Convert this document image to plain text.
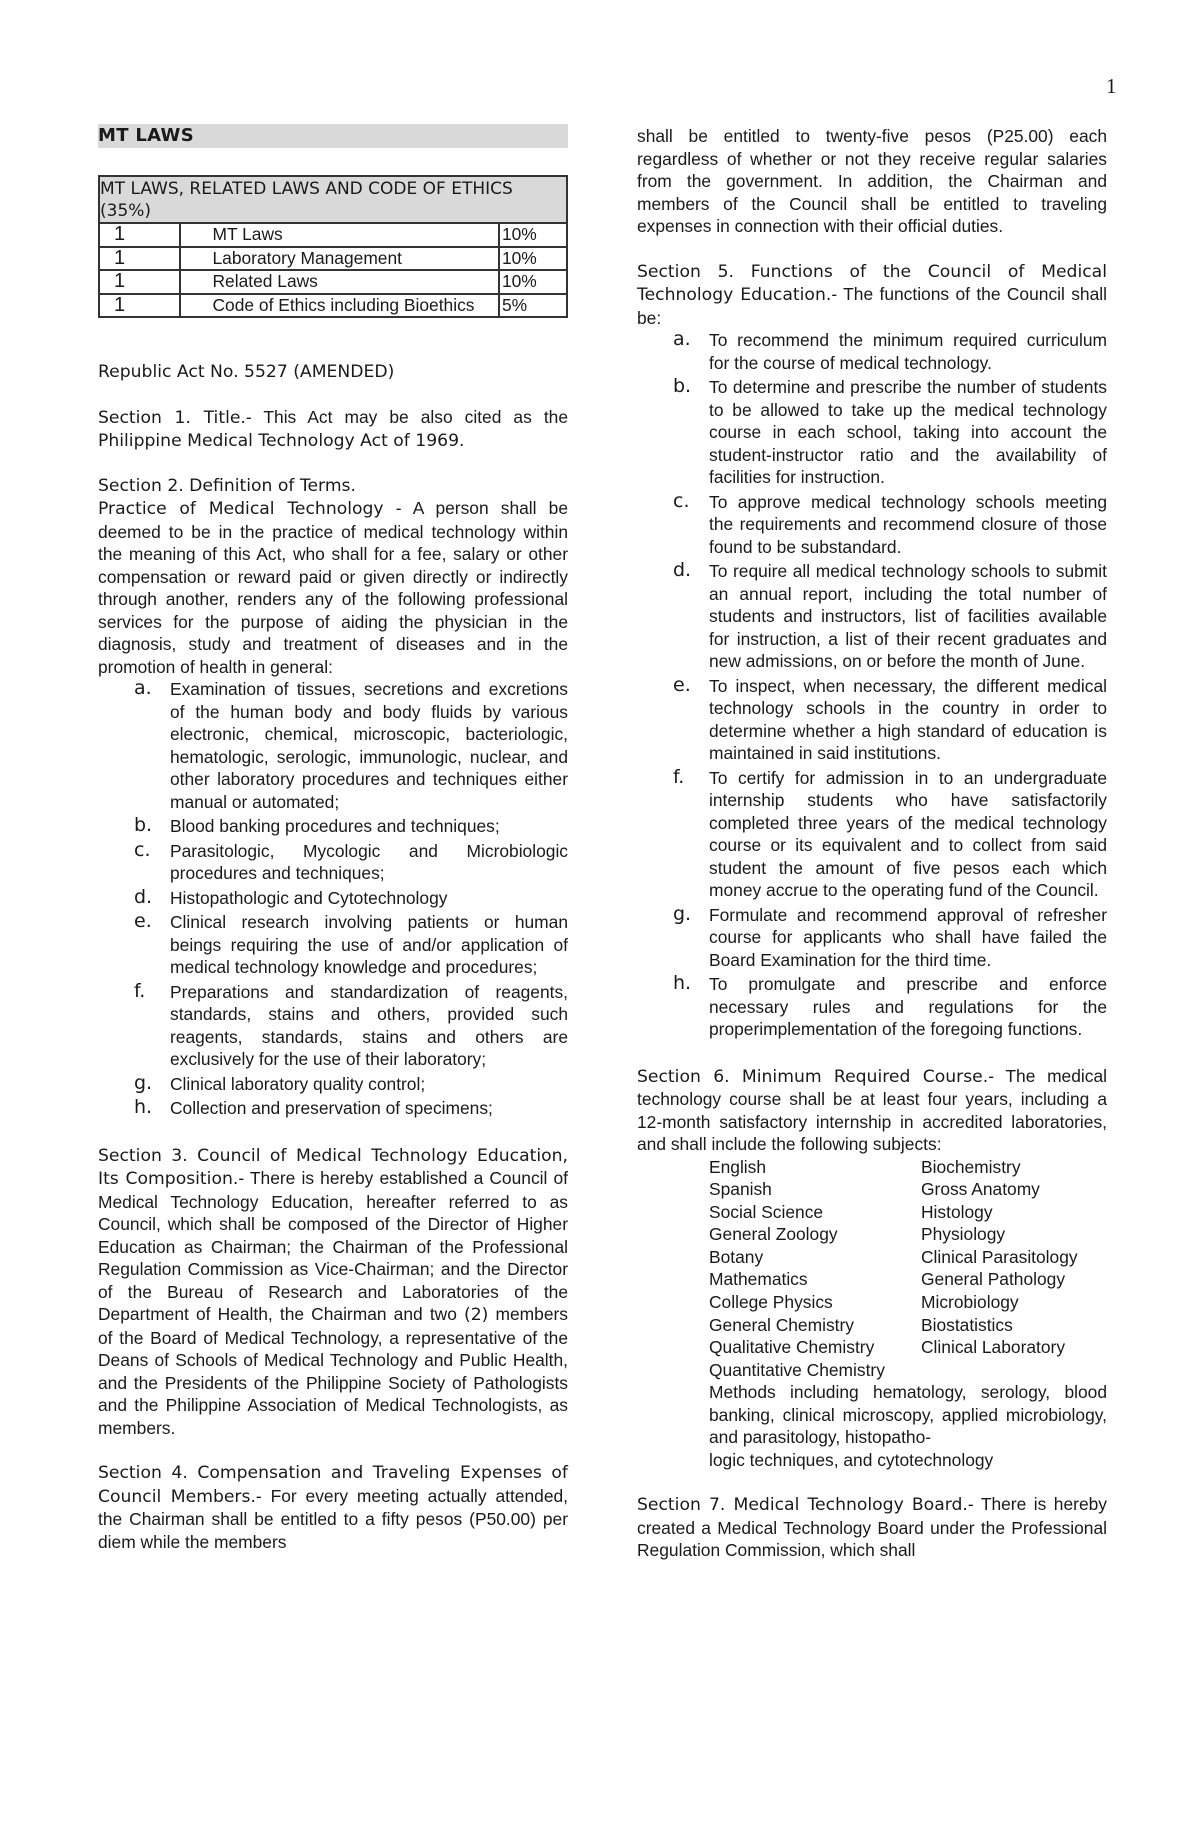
1
MT LAWS
MT LAWS, RELATED LAWS AND CODE OF ETHICS (35%)		
1	MT Laws	10%
1	Laboratory Management	10%
1	Related Laws	10%
1	Code of Ethics including Bioethics	5%

Republic Act No. 5527 (AMENDED)

Section 1. Title.- This Act may be also cited as the Philippine Medical Technology Act of 1969.

Section 2. Definition of Terms.

Practice of Medical Technology - A person shall be deemed to be in the practice of medical technology within the meaning of this Act, who shall for a fee, salary or other compensation or reward paid or given directly or indirectly through another, renders any of the following professional services for the purpose of aiding the physician in the diagnosis, study and treatment of diseases and in the promotion of health in general:

a. Examination of tissues, secretions and excretions of the human body and body fluids by various electronic, chemical, microscopic, bacteriologic, hematologic, serologic, immunologic, nuclear, and other laboratory procedures and techniques either manual or automated;
b. Blood banking procedures and techniques;
c. Parasitologic, Mycologic and Microbiologic procedures and techniques;
d. Histopathologic and Cytotechnology
e. Clinical research involving patients or human beings requiring the use of and/or application of medical technology knowledge and procedures;
f. Preparations and standardization of reagents, standards, stains and others, provided such reagents, standards, stains and others are exclusively for the use of their laboratory;
g. Clinical laboratory quality control;
h. Collection and preservation of specimens;

Section 3. Council of Medical Technology Education, Its Composition.- There is hereby established a Council of Medical Technology Education, hereafter referred to as Council, which shall be composed of the Director of Higher Education as Chairman; the Chairman of the Professional Regulation Commission as Vice-Chairman; and the Director of the Bureau of Research and Laboratories of the Department of Health, the Chairman and two (2) members of the Board of Medical Technology, a representative of the Deans of Schools of Medical Technology and Public Health, and the Presidents of the Philippine Society of Pathologists and the Philippine Association of Medical Technologists, as members.

Section 4. Compensation and Traveling Expenses of Council Members.- For every meeting actually attended, the Chairman shall be entitled to a fifty pesos (P50.00) per diem while the members

shall be entitled to twenty-five pesos (P25.00) each regardless of whether or not they receive regular salaries from the government. In addition, the Chairman and members of the Council shall be entitled to traveling expenses in connection with their official duties.

Section 5. Functions of the Council of Medical Technology Education.- The functions of the Council shall be:

a. To recommend the minimum required curriculum for the course of medical technology.
b. To determine and prescribe the number of students to be allowed to take up the medical technology course in each school, taking into account the student-instructor ratio and the availability of facilities for instruction.
c. To approve medical technology schools meeting the requirements and recommend closure of those found to be substandard.
d. To require all medical technology schools to submit an annual report, including the total number of students and instructors, list of facilities available for instruction, a list of their recent graduates and new admissions, on or before the month of June.
e. To inspect, when necessary, the different medical technology schools in the country in order to determine whether a high standard of education is maintained in said institutions.
f. To certify for admission in to an undergraduate internship students who have satisfactorily completed three years of the medical technology course or its equivalent and to collect from said student the amount of five pesos each which money accrue to the operating fund of the Council.
g. Formulate and recommend approval of refresher course for applicants who shall have failed the Board Examination for the third time.
h. To promulgate and prescribe and enforce necessary rules and regulations for the properimplementation of the foregoing functions.

Section 6. Minimum Required Course.- The medical technology course shall be at least four years, including a 12-month satisfactory internship in accredited laboratories, and shall include the following subjects:

English	Biochemistry
Spanish	Gross Anatomy
Social Science	Histology
General Zoology	Physiology
Botany	Clinical Parasitology
Mathematics	General Pathology
College Physics	Microbiology
General Chemistry	Biostatistics
Qualitative Chemistry	Clinical Laboratory
Quantitative Chemistry

Methods including hematology, serology, blood banking, clinical microscopy, applied microbiology, and parasitology, histopatho-

logic techniques, and cytotechnology

Section 7. Medical Technology Board.- There is hereby created a Medical Technology Board under the Professional Regulation Commission, which shall
